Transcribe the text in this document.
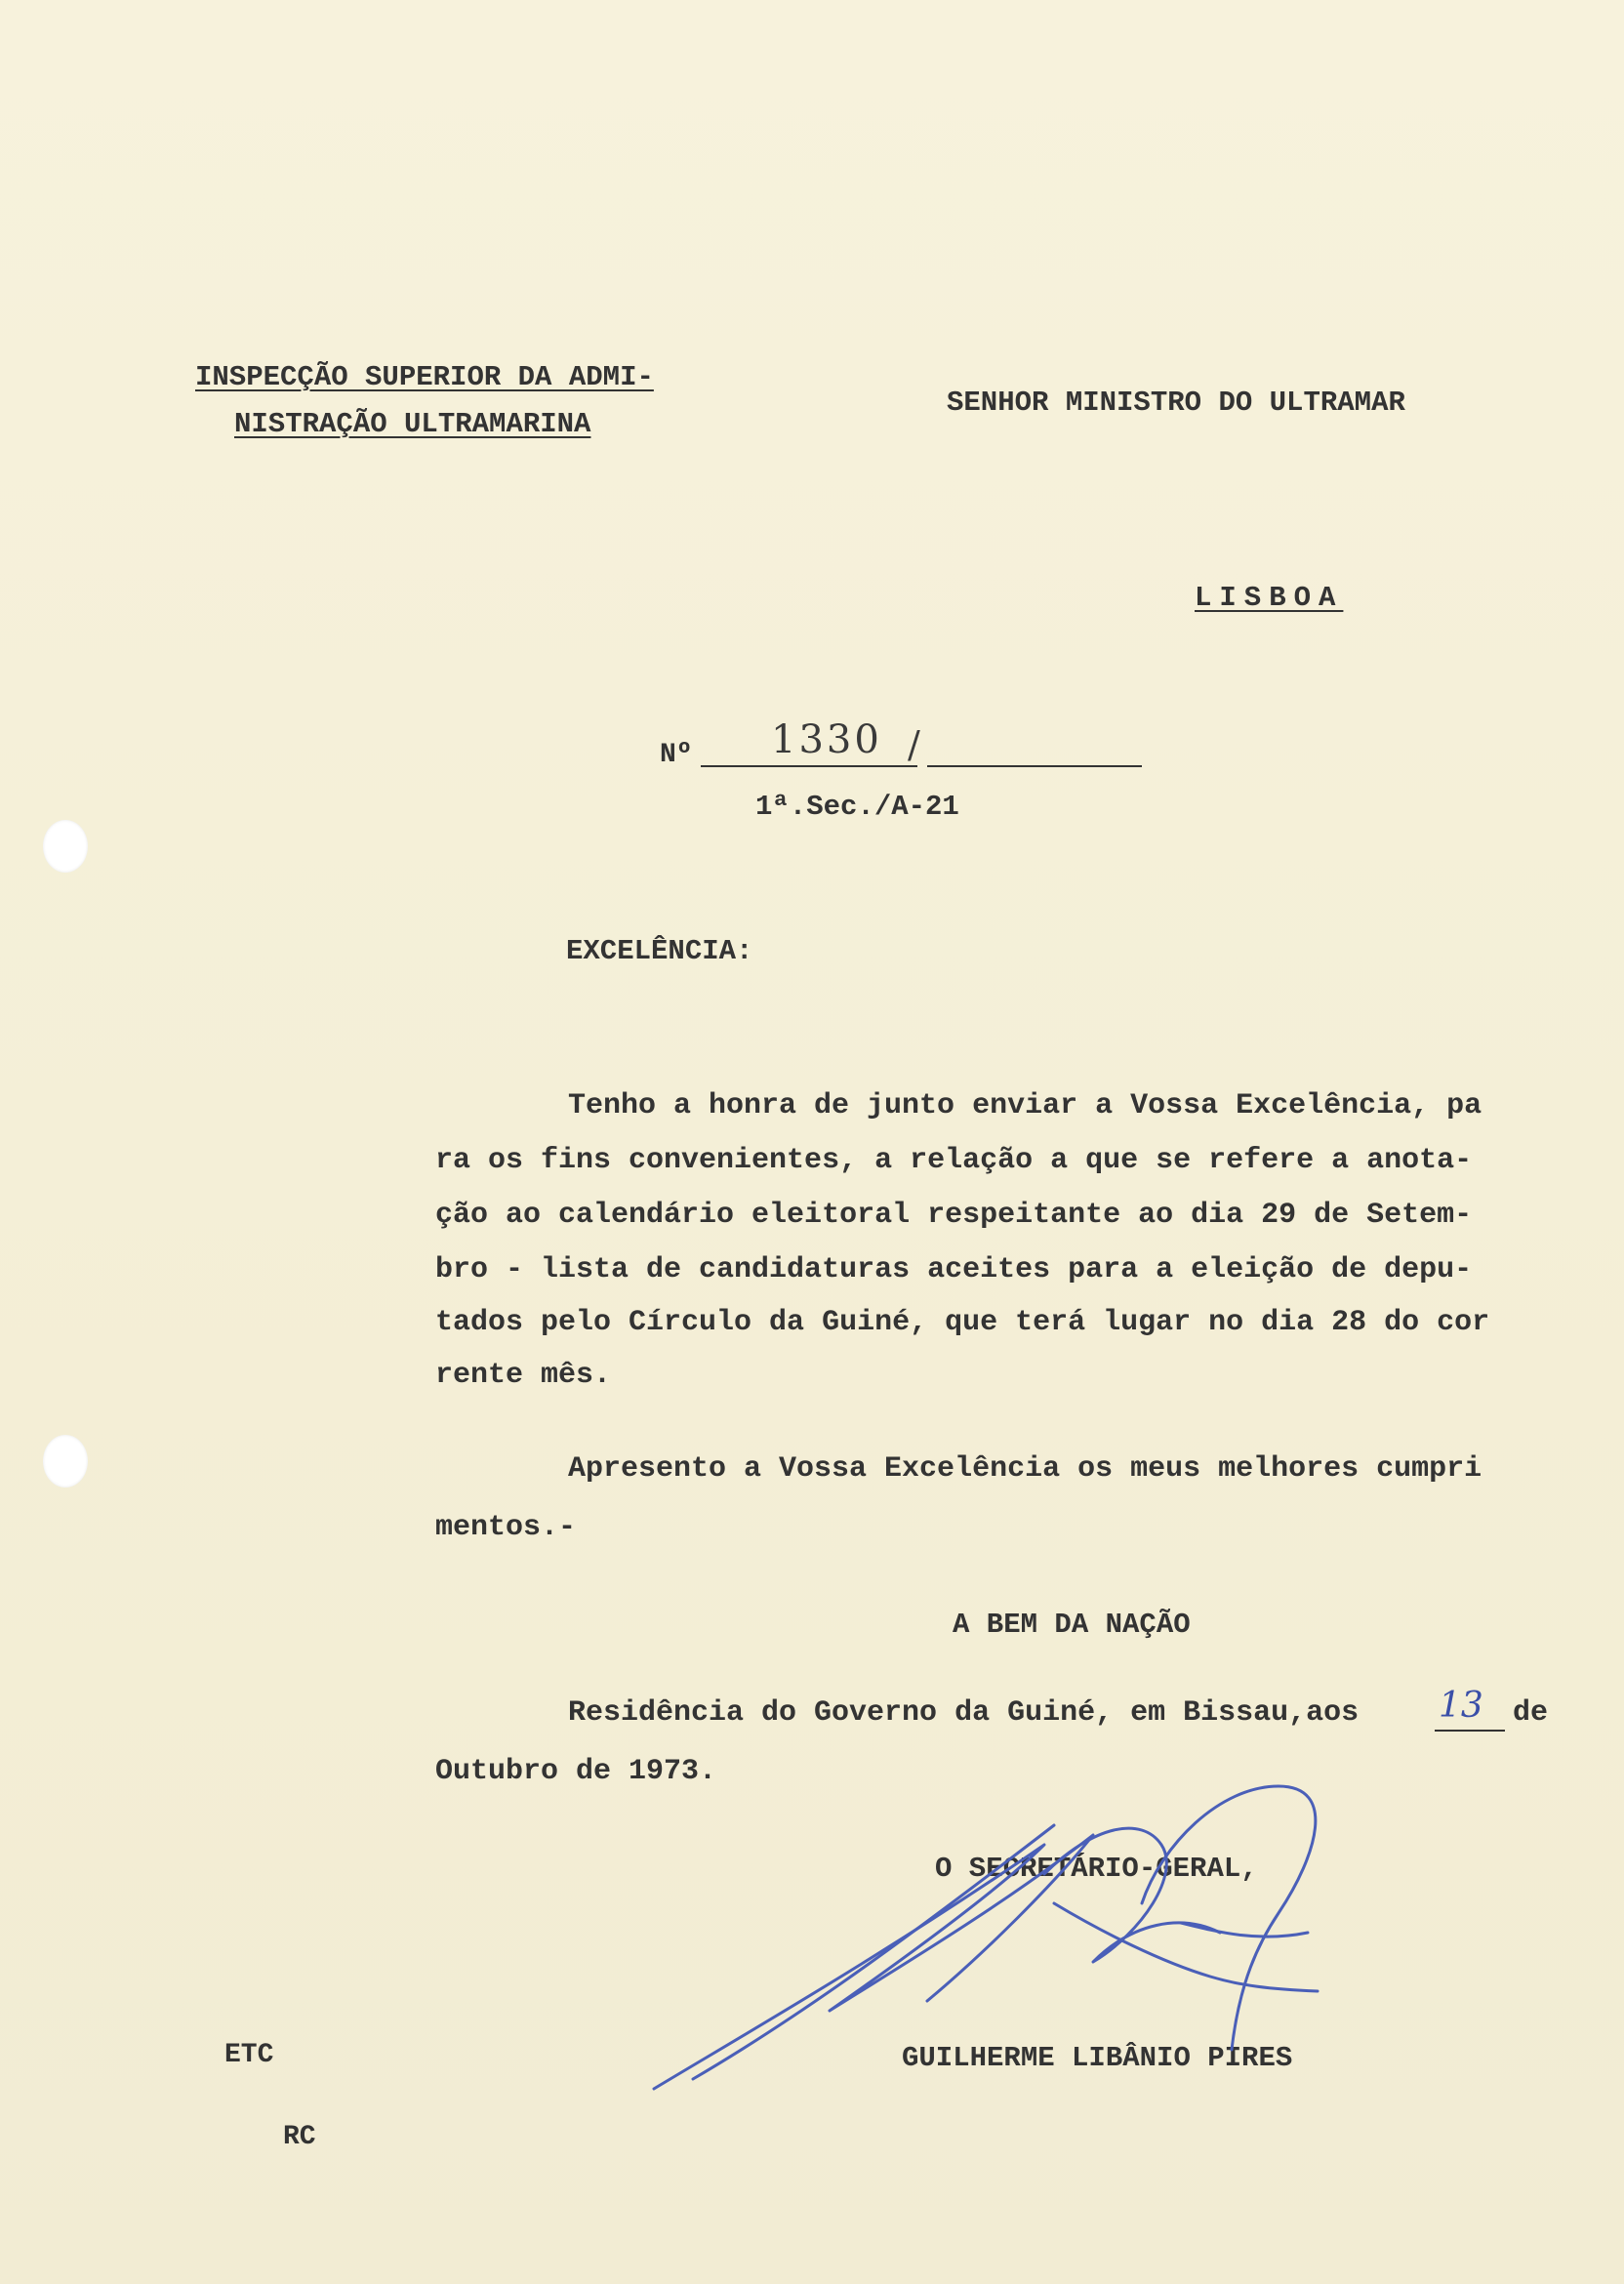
INSPECÇÃO SUPERIOR DA ADMI-
NISTRAÇÃO ULTRAMARINA
SENHOR MINISTRO DO ULTRAMAR
LISBOA
Nº 1330 /
1ª.Sec./A-21
EXCELÊNCIA:
Tenho a honra de junto enviar a Vossa Excelência, pa
ra os fins convenientes, a relação a que se refere a anota-
ção ao calendário eleitoral respeitante ao dia 29 de Setem-
bro - lista de candidaturas aceites para a eleição de depu-
tados pelo Círculo da Guiné, que terá lugar no dia 28 do cor
rente mês.
Apresento a Vossa Excelência os meus melhores cumpri
mentos.-
A BEM DA NAÇÃO
Residência do Governo da Guiné, em Bissau,aos 13 de
Outubro de 1973.
O SECRETÁRIO-GERAL,
GUILHERME LIBÂNIO PIRES
ETC
RC
